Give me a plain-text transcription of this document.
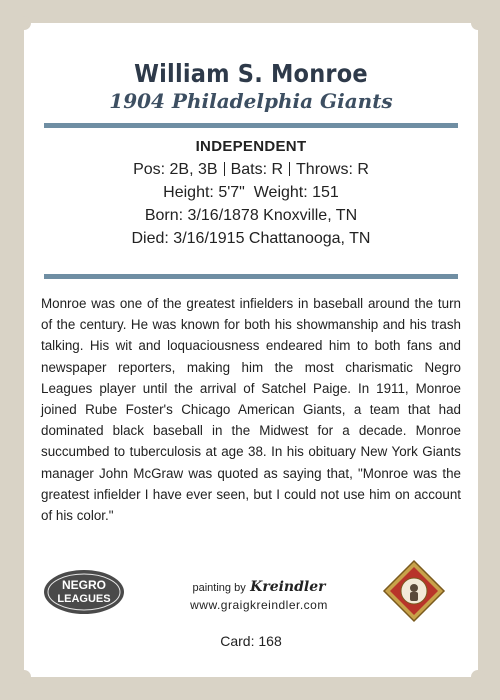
William S. Monroe
1904 Philadelphia Giants
INDEPENDENT
Pos: 2B, 3B Bats: R Throws: R
Height: 5'7" Weight: 151
Born: 3/16/1878 Knoxville, TN
Died: 3/16/1915 Chattanooga, TN
Monroe was one of the greatest infielders in baseball around the turn of the century. He was known for both his showmanship and his trash talking. His wit and loquaciousness endeared him to both fans and newspaper reporters, making him the most charismatic Negro Leagues player until the arrival of Satchel Paige. In 1911, Monroe joined Rube Foster's Chicago American Giants, a team that had dominated black baseball in the Midwest for a decade. Monroe succumbed to tuberculosis at age 38. In his obituary New York Giants manager John McGraw was quoted as saying that, "Monroe was the greatest infielder I have ever seen, but I could not use him on account of his color."
NEGRO
LEAGUES
painting by Kreindler
www.graigkreindler.com
Card: 168
